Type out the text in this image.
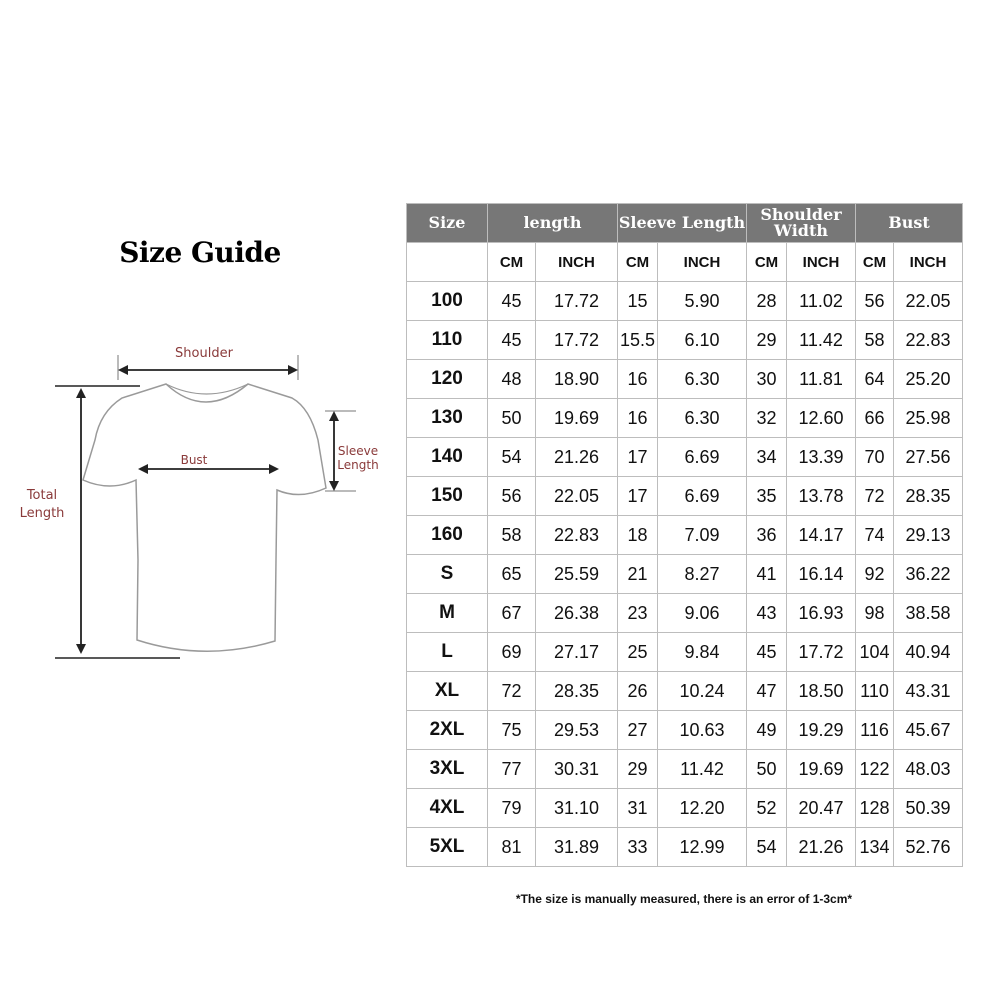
Size Guide
Shoulder
Bust
Sleeve
Length
Total
Length
Size	length		Sleeve Length		Shoulder Width		Bust	
	CM	INCH	CM	INCH	CM	INCH	CM	INCH
100	45	17.72	15	5.90	28	11.02	56	22.05
110	45	17.72	15.5	6.10	29	11.42	58	22.83
120	48	18.90	16	6.30	30	11.81	64	25.20
130	50	19.69	16	6.30	32	12.60	66	25.98
140	54	21.26	17	6.69	34	13.39	70	27.56
150	56	22.05	17	6.69	35	13.78	72	28.35
160	58	22.83	18	7.09	36	14.17	74	29.13
S	65	25.59	21	8.27	41	16.14	92	36.22
M	67	26.38	23	9.06	43	16.93	98	38.58
L	69	27.17	25	9.84	45	17.72	104	40.94
XL	72	28.35	26	10.24	47	18.50	110	43.31
2XL	75	29.53	27	10.63	49	19.29	116	45.67
3XL	77	30.31	29	11.42	50	19.69	122	48.03
4XL	79	31.10	31	12.20	52	20.47	128	50.39
5XL	81	31.89	33	12.99	54	21.26	134	52.76
*The size is manually measured, there is an error of 1-3cm*
